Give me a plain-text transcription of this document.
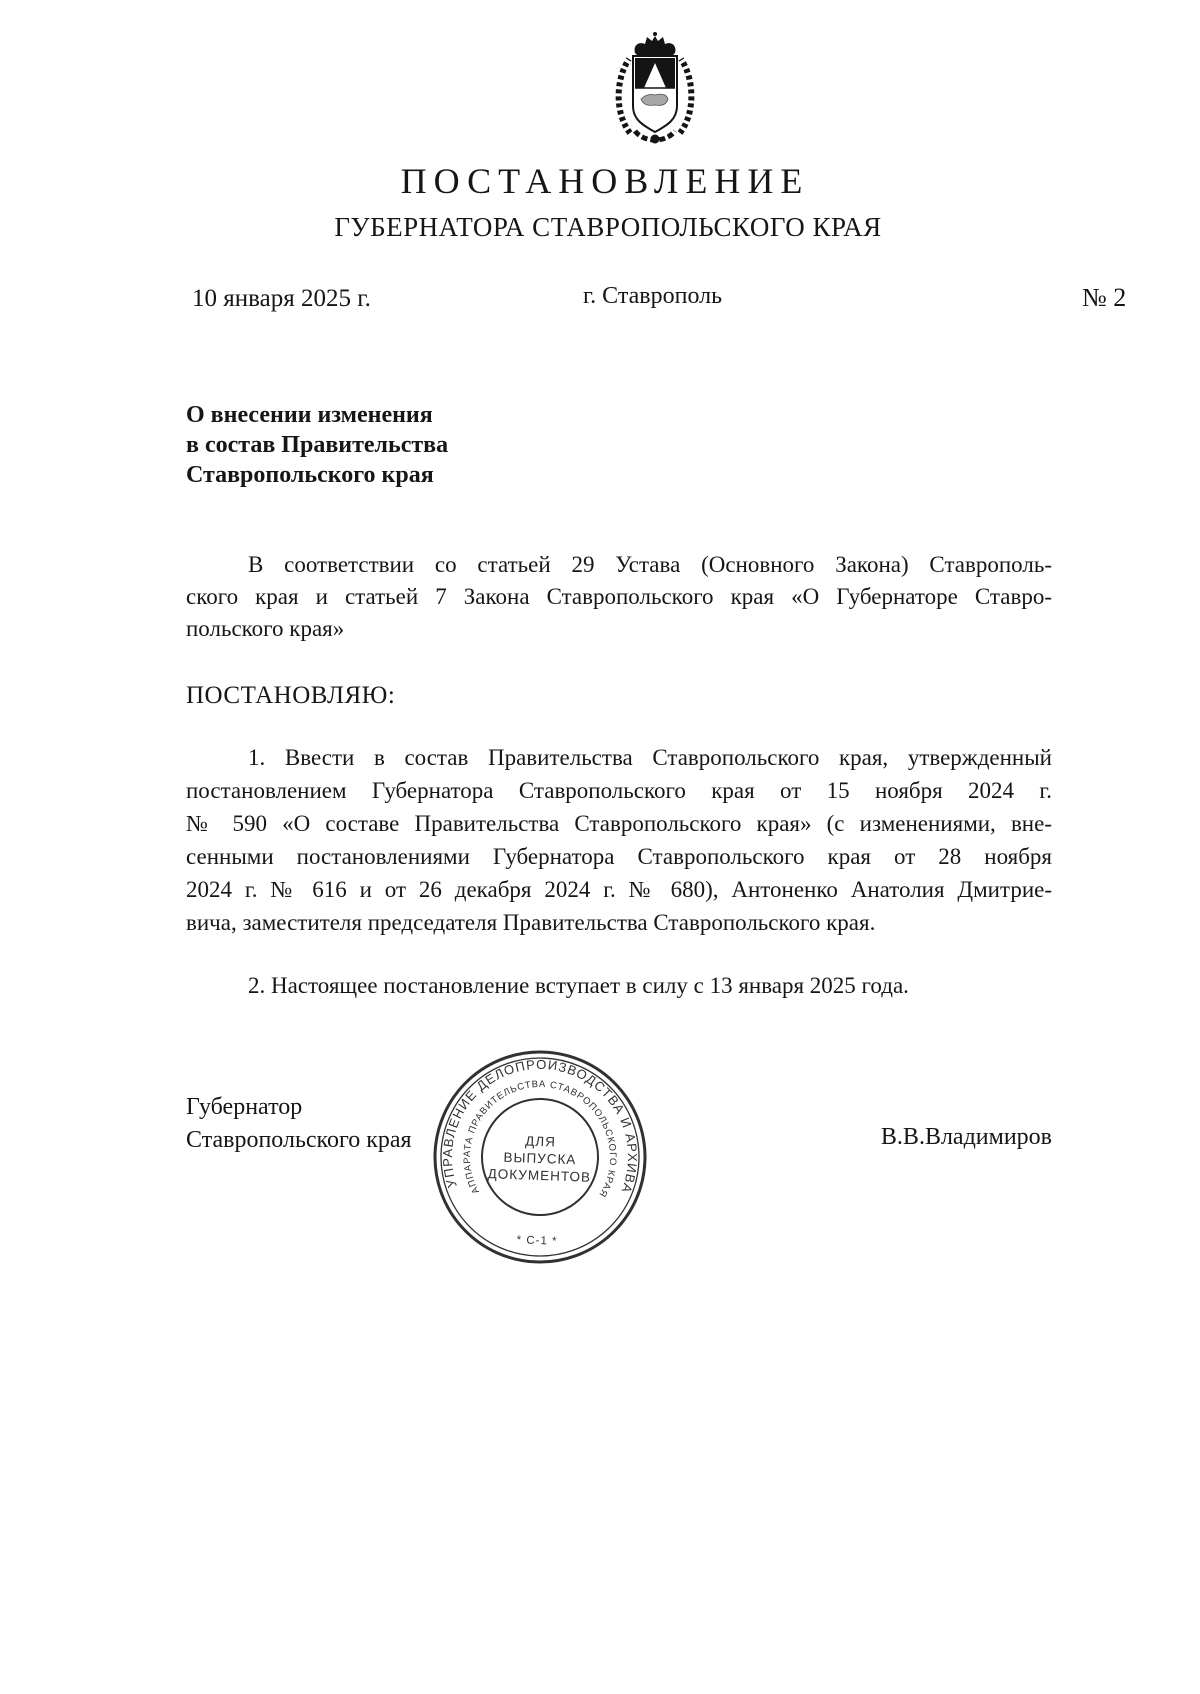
ПОСТАНОВЛЕНИЕ
ГУБЕРНАТОРА СТАВРОПОЛЬСКОГО КРАЯ
10 января 2025 г.	г. Ставрополь	№ 2
О внесении изменения
в состав Правительства
Ставропольского края
В соответствии со статьей 29 Устава (Основного Закона) Ставрополь-
ского края и статьей 7 Закона Ставропольского края «О Губернаторе Ставро-
польского края»
ПОСТАНОВЛЯЮ:
1. Ввести в состав Правительства Ставропольского края, утвержденный
постановлением Губернатора Ставропольского края от 15 ноября 2024 г.
№ 590 «О составе Правительства Ставропольского края» (с изменениями, вне-
сенными постановлениями Губернатора Ставропольского края от 28 ноября
2024 г. № 616 и от 26 декабря 2024 г. № 680), Антоненко Анатолия Дмитрие-
вича, заместителя председателя Правительства Ставропольского края.
2. Настоящее постановление вступает в силу с 13 января 2025 года.
Губернатор
Ставропольского края	В.В.Владимиров
УПРАВЛЕНИЕ ДЕЛОПРОИЗВОДСТВА И АРХИВА
АППАРАТА ПРАВИТЕЛЬСТВА СТАВРОПОЛЬСКОГО КРАЯ
ДЛЯ
ВЫПУСКА
ДОКУМЕНТОВ
* С-1 *
